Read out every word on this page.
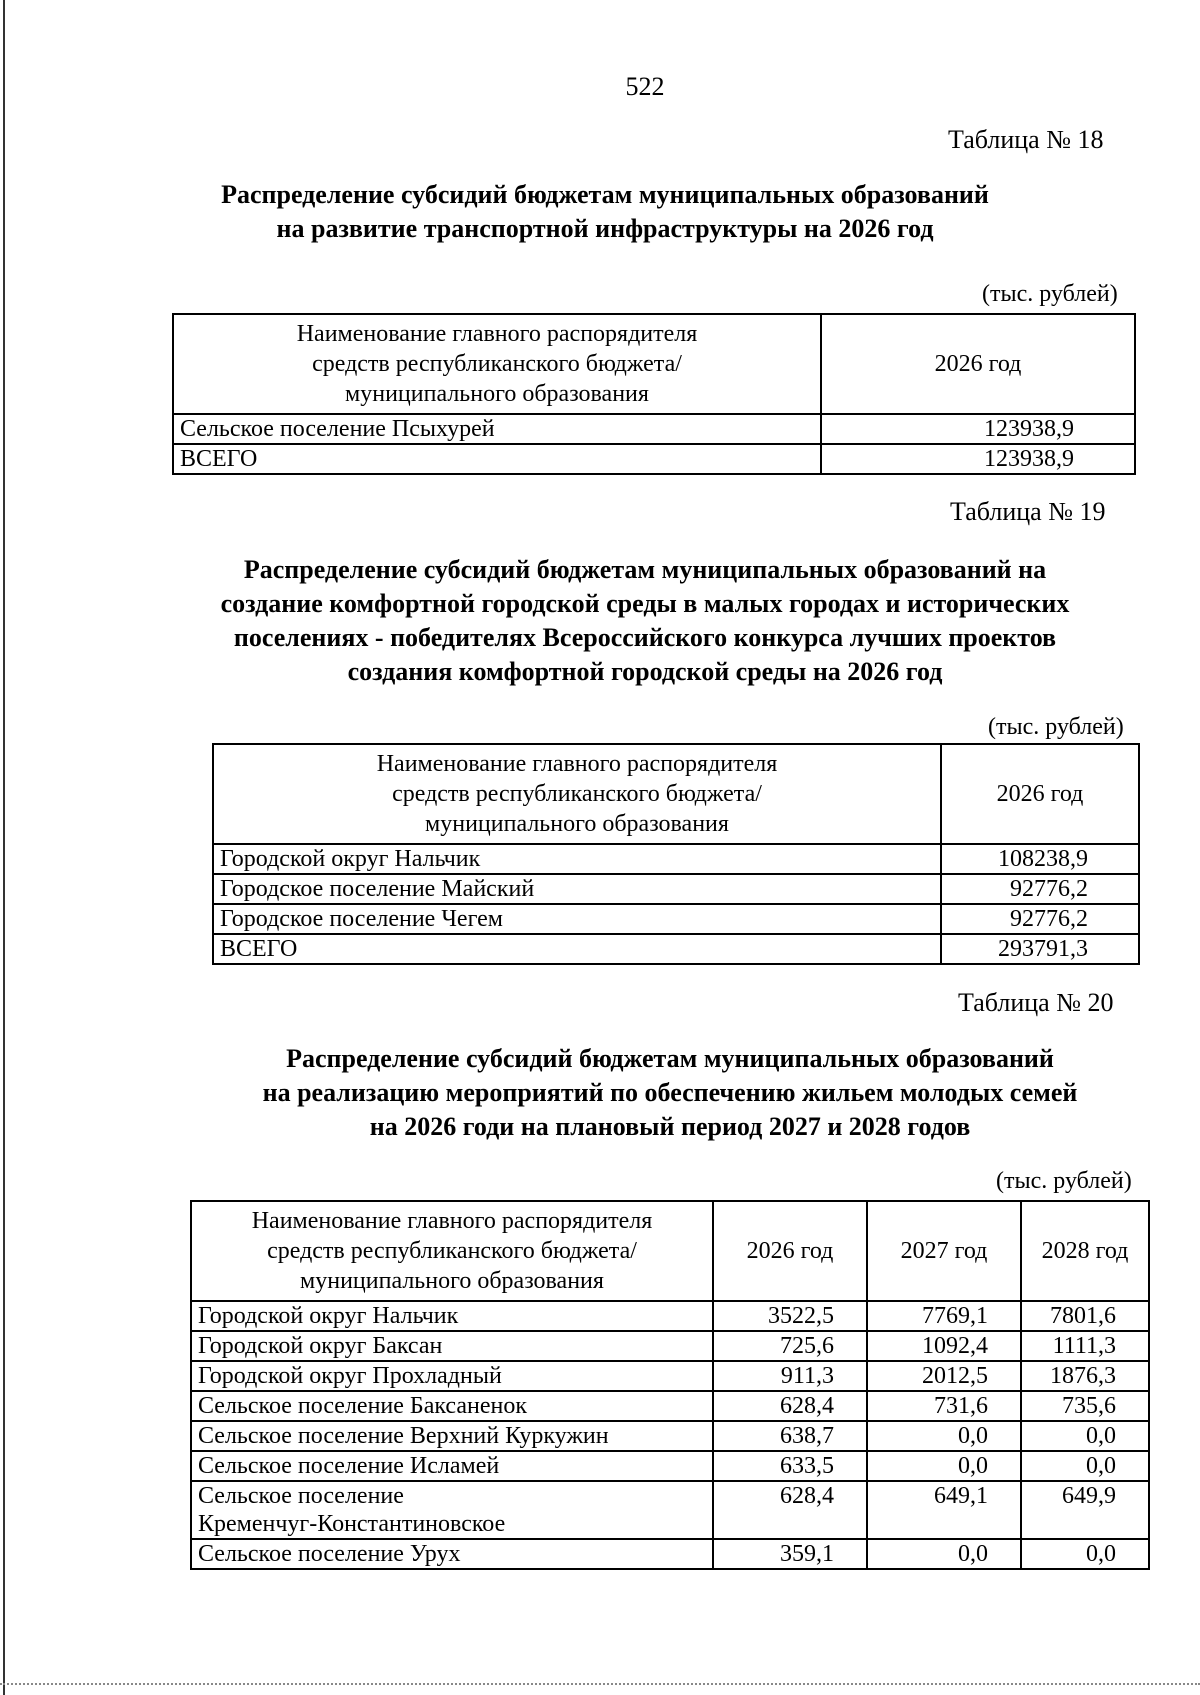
522
Таблица № 18
Распределение субсидий бюджетам муниципальных образований
на развитие транспортной инфраструктуры на 2026 год
(тыс. рублей)
Наименование главного распорядителя
средств республиканского бюджета/
муниципального образования	2026 год
Сельское поселение Псыхурей	123938,9
ВСЕГО	123938,9
Таблица № 19
Распределение субсидий бюджетам муниципальных образований на
создание комфортной городской среды в малых городах и исторических
поселениях - победителях Всероссийского конкурса лучших проектов
создания комфортной городской среды на 2026 год
(тыс. рублей)
Наименование главного распорядителя
средств республиканского бюджета/
муниципального образования	2026 год
Городской округ Нальчик	108238,9
Городское поселение Майский	92776,2
Городское поселение Чегем	92776,2
ВСЕГО	293791,3
Таблица № 20
Распределение субсидий бюджетам муниципальных образований
на реализацию мероприятий по обеспечению жильем молодых семей
на 2026 годи на плановый период 2027 и 2028 годов
(тыс. рублей)
Наименование главного распорядителя
средств республиканского бюджета/
муниципального образования	2026 год	2027 год	2028 год
Городской округ Нальчик	3522,5	7769,1	7801,6
Городской округ Баксан	725,6	1092,4	1111,3
Городской округ Прохладный	911,3	2012,5	1876,3
Сельское поселение Баксаненок	628,4	731,6	735,6
Сельское поселение Верхний Куркужин	638,7	0,0	0,0
Сельское поселение Исламей	633,5	0,0	0,0

Сельское поселение
Кременчуг-Константиновское	628,4	649,1	649,9
Сельское поселение Урух	359,1	0,0	0,0
